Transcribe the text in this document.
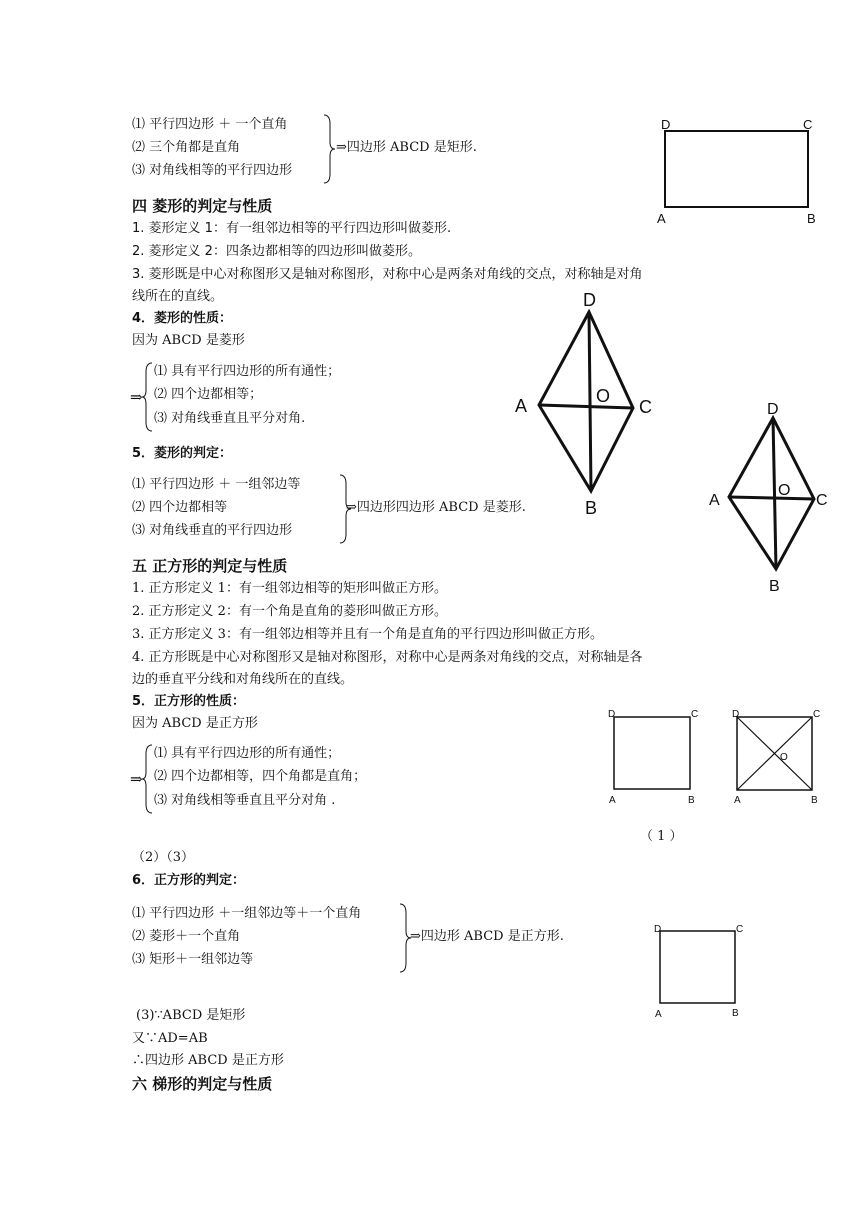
⑴ 平行四边形 ＋ 一个直角
⑵ 三个角都是直角
⑶ 对角线相等的平行四边形
⇒四边形 ABCD 是矩形.
D	C
A	B
四 菱形的判定与性质
1. 菱形定义 1：有一组邻边相等的平行四边形叫做菱形.
2. 菱形定义 2：四条边都相等的四边形叫做菱形。
3. 菱形既是中心对称图形又是轴对称图形，对称中心是两条对角线的交点，对称轴是对角
线所在的直线。
4．菱形的性质：
因为 ABCD 是菱形
⇒
⑴ 具有平行四边形的所有通性；
⑵ 四个边都相等；
⑶ 对角线垂直且平分对角.
5．菱形的判定：
⑴ 平行四边形 ＋ 一组邻边等
⑵ 四个边都相等
⑶ 对角线垂直的平行四边形
⇒四边形四边形 ABCD 是菱形.
D
A	O
C
B
D
A
O
C
B
五 正方形的判定与性质
1. 正方形定义 1：有一组邻边相等的矩形叫做正方形。
2. 正方形定义 2：有一个角是直角的菱形叫做正方形。
3. 正方形定义 3：有一组邻边相等并且有一个角是直角的平行四边形叫做正方形。
4. 正方形既是中心对称图形又是轴对称图形，对称中心是两条对角线的交点，对称轴是各
边的垂直平分线和对角线所在的直线。
5．正方形的性质：
因为 ABCD 是正方形
⇒
⑴ 具有平行四边形的所有通性；
⑵ 四个边都相等，四个角都是直角；
⑶ 对角线相等垂直且平分对角 .
D	C
A	B
D	C
O
A	B
（ 1 ）
（2）（3）
6．正方形的判定：
⑴ 平行四边形 ＋一组邻边等＋一个直角
⑵ 菱形＋一个直角
⑶ 矩形＋一组邻边等
⇒四边形 ABCD 是正方形.	D	C
A	B
(3)∵ABCD 是矩形
又∵AD=AB
∴四边形 ABCD 是正方形
六 梯形的判定与性质
